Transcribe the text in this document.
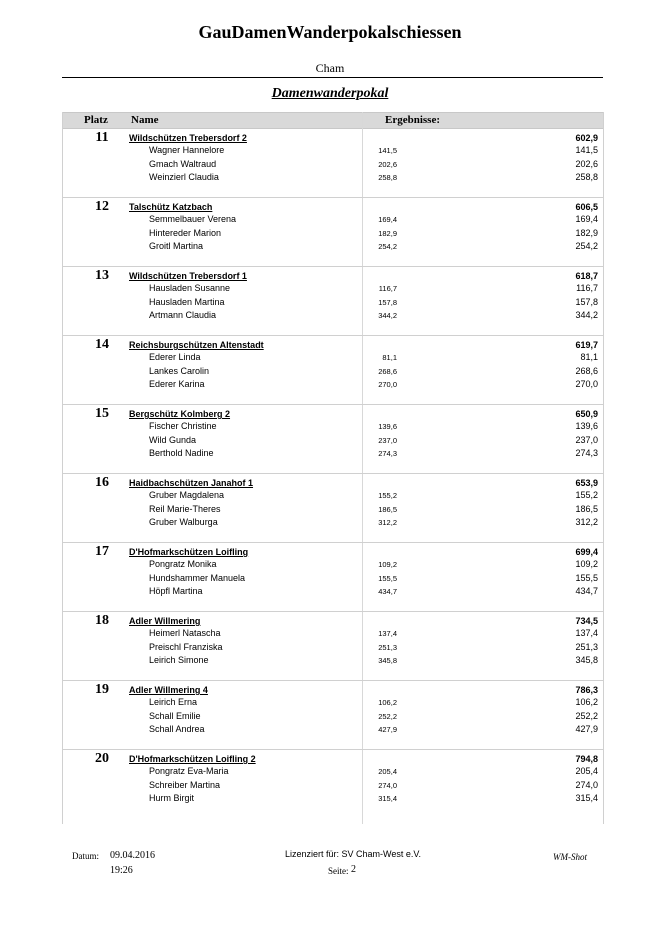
GauDamenWanderpokalschiessen
Cham
Damenwanderpokal
Platz Name	Ergebnisse:
11	Wildschützen Trebersdorf 2	602,9
Wagner Hannelore	141,5	141,5
Gmach Waltraud	202,6	202,6
Weinzierl Claudia	258,8	258,8
12	Talschütz Katzbach	606,5
Semmelbauer Verena	169,4	169,4
Hintereder Marion	182,9	182,9
Groitl Martina	254,2	254,2
13	Wildschützen Trebersdorf 1	618,7
Hausladen Susanne	116,7	116,7
Hausladen Martina	157,8	157,8
Artmann Claudia	344,2	344,2
14	Reichsburgschützen Altenstadt	619,7
Ederer Linda	81,1	81,1
Lankes Carolin	268,6	268,6
Ederer Karina	270,0	270,0
15	Bergschütz Kolmberg 2	650,9
Fischer Christine	139,6	139,6
Wild Gunda	237,0	237,0
Berthold Nadine	274,3	274,3
16	Haidbachschützen Janahof 1	653,9
Gruber Magdalena	155,2	155,2
Reil Marie-Theres	186,5	186,5
Gruber Walburga	312,2	312,2
17	D'Hofmarkschützen Loifling	699,4
Pongratz Monika	109,2	109,2
Hundshammer Manuela	155,5	155,5
Höpfl Martina	434,7	434,7
18	Adler Willmering	734,5
Heimerl Natascha	137,4	137,4
Preischl Franziska	251,3	251,3
Leirich Simone	345,8	345,8
19	Adler Willmering 4	786,3
Leirich Erna	106,2	106,2
Schall Emilie	252,2	252,2
Schall Andrea	427,9	427,9
20	D'Hofmarkschützen Loifling 2	794,8
Pongratz Eva-Maria	205,4	205,4
Schreiber Martina	274,0	274,0
Hurm Birgit	315,4	315,4
Datum: 09.04.2016
19:26
Lizenziert für: SV Cham-West e.V.
Seite: 2
WM-Shot
